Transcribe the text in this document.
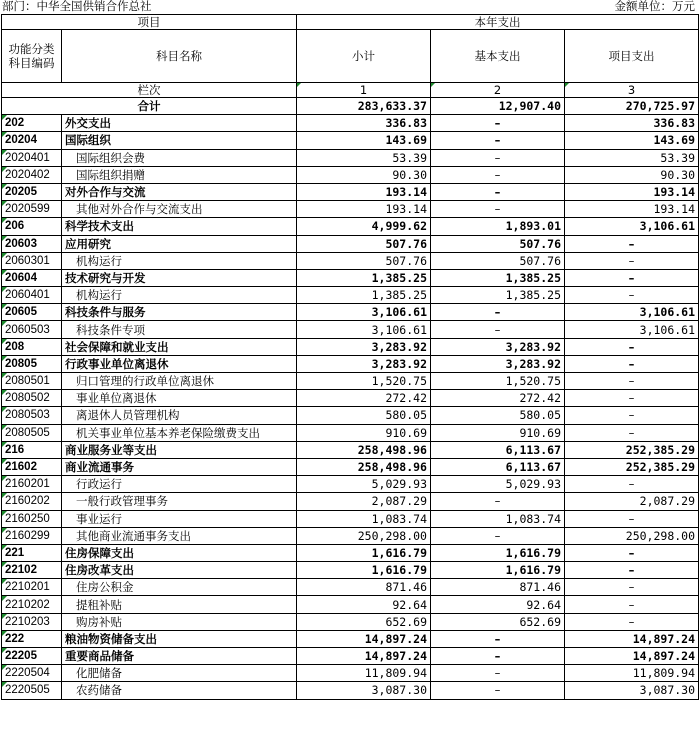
部门：中华全国供销合作总社	金额单位：万元
项目		本年支出		
功能分类
科目编码	科目名称	小计	基本支出	项目支出
栏次		1	2	3
合计		283,633.37	12,907.40	270,725.97
202	外交支出	336.83	–	336.83
20204	国际组织	143.69	–	143.69
2020401	国际组织会费	53.39	–	53.39
2020402	国际组织捐赠	90.30	–	90.30
20205	对外合作与交流	193.14	–	193.14
2020599	其他对外合作与交流支出	193.14	–	193.14
206	科学技术支出	4,999.62	1,893.01	3,106.61
20603	应用研究	507.76	507.76	–
2060301	机构运行	507.76	507.76	–
20604	技术研究与开发	1,385.25	1,385.25	–
2060401	机构运行	1,385.25	1,385.25	–
20605	科技条件与服务	3,106.61	–	3,106.61
2060503	科技条件专项	3,106.61	–	3,106.61
208	社会保障和就业支出	3,283.92	3,283.92	–
20805	行政事业单位离退休	3,283.92	3,283.92	–
2080501	归口管理的行政单位离退休	1,520.75	1,520.75	–
2080502	事业单位离退休	272.42	272.42	–
2080503	离退休人员管理机构	580.05	580.05	–
2080505	机关事业单位基本养老保险缴费支出	910.69	910.69	–
216	商业服务业等支出	258,498.96	6,113.67	252,385.29
21602	商业流通事务	258,498.96	6,113.67	252,385.29
2160201	行政运行	5,029.93	5,029.93	–
2160202	一般行政管理事务	2,087.29	–	2,087.29
2160250	事业运行	1,083.74	1,083.74	–
2160299	其他商业流通事务支出	250,298.00	–	250,298.00
221	住房保障支出	1,616.79	1,616.79	–
22102	住房改革支出	1,616.79	1,616.79	–
2210201	住房公积金	871.46	871.46	–
2210202	提租补贴	92.64	92.64	–
2210203	购房补贴	652.69	652.69	–
222	粮油物资储备支出	14,897.24	–	14,897.24
22205	重要商品储备	14,897.24	–	14,897.24
2220504	化肥储备	11,809.94	–	11,809.94
2220505	农药储备	3,087.30	–	3,087.30
